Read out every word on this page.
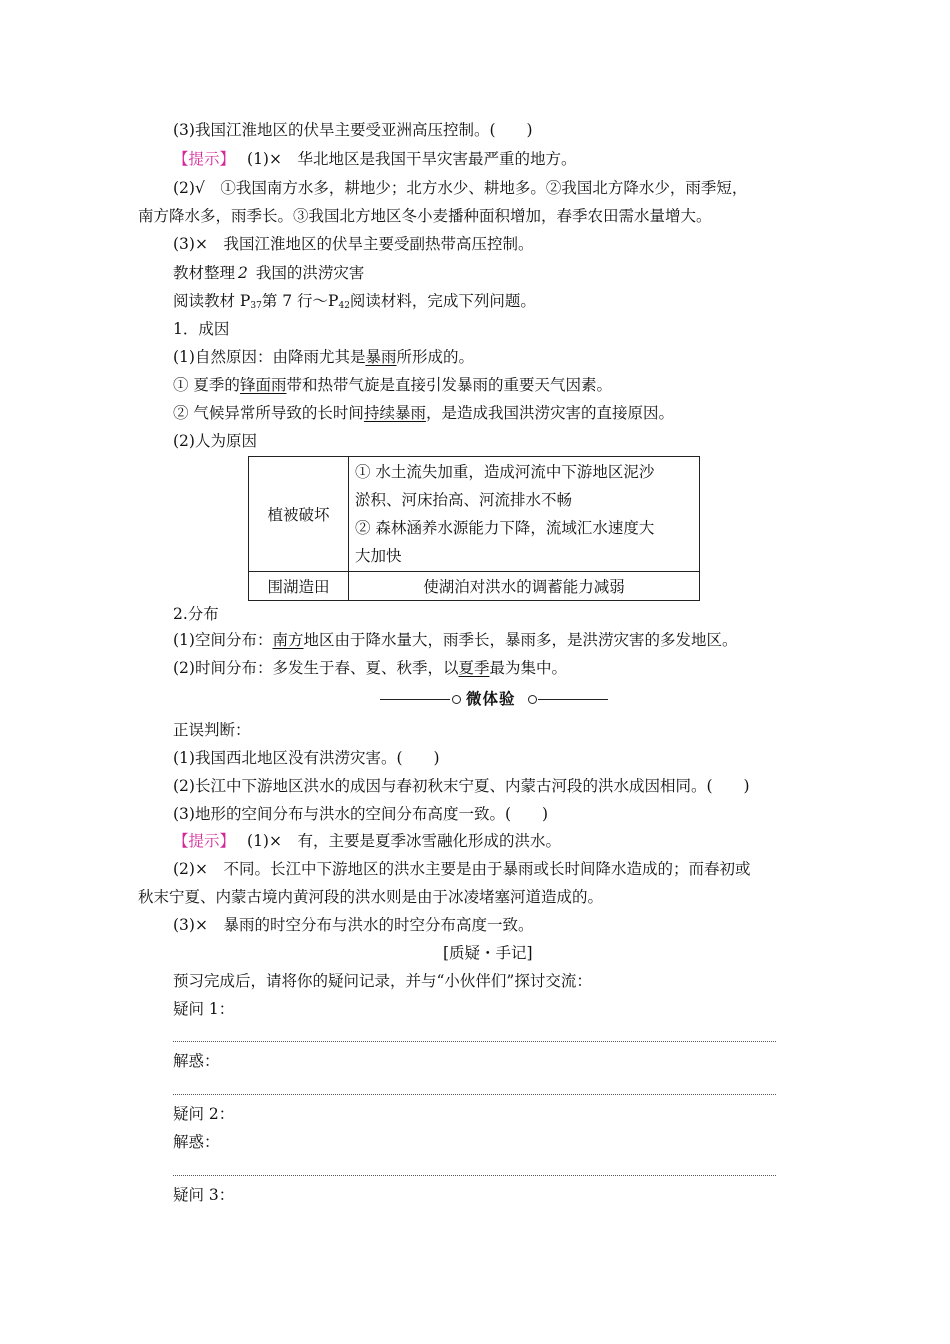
(3)我国江淮地区的伏旱主要受亚洲高压控制。(　　)
【提示】 (1)×　华北地区是我国干旱灾害最严重的地方。
(2)√　①我国南方水多，耕地少；北方水少、耕地多。②我国北方降水少，雨季短，
南方降水多，雨季长。③我国北方地区冬小麦播种面积增加，春季农田需水量增大。
(3)×　我国江淮地区的伏旱主要受副热带高压控制。
教材整理 2 我国的洪涝灾害
阅读教材 $P_{37}$第 7 行$\sim P_{42}$阅读材料，完成下列问题。
1．成因
(1)自然原因：由降雨尤其是暴雨所形成的。
① 夏季的锋面雨带和热带气旋是直接引发暴雨的重要天气因素。
② 气候异常所导致的长时间持续暴雨，是造成我国洪涝灾害的直接原因。
(2)人为原因
植被破坏	① 水土流失加重，造成河流中下游地区泥沙
淤积、河床抬高、河流排水不畅
② 森林涵养水源能力下降，流域汇水速度大
大加快

围湖造田	使湖泊对洪水的调蓄能力减弱
2.分布
(1)空间分布：南方地区由于降水量大，雨季长，暴雨多，是洪涝灾害的多发地区。
(2)时间分布：多发生于春、夏、秋季，以夏季最为集中。
微体验
正误判断：
(1)我国西北地区没有洪涝灾害。(　　)
(2)长江中下游地区洪水的成因与春初秋末宁夏、内蒙古河段的洪水成因相同。(　　)
(3)地形的空间分布与洪水的空间分布高度一致。(　　)
【提示】 (1)×　有，主要是夏季冰雪融化形成的洪水。
(2)×　不同。长江中下游地区的洪水主要是由于暴雨或长时间降水造成的；而春初或
秋末宁夏、内蒙古境内黄河段的洪水则是由于冰凌堵塞河道造成的。
(3)×　暴雨的时空分布与洪水的时空分布高度一致。
[质疑・手记]
预习完成后，请将你的疑问记录，并与“小伙伴们”探讨交流：
疑问 1：
解惑：
疑问 2：
解惑：
疑问 3：
